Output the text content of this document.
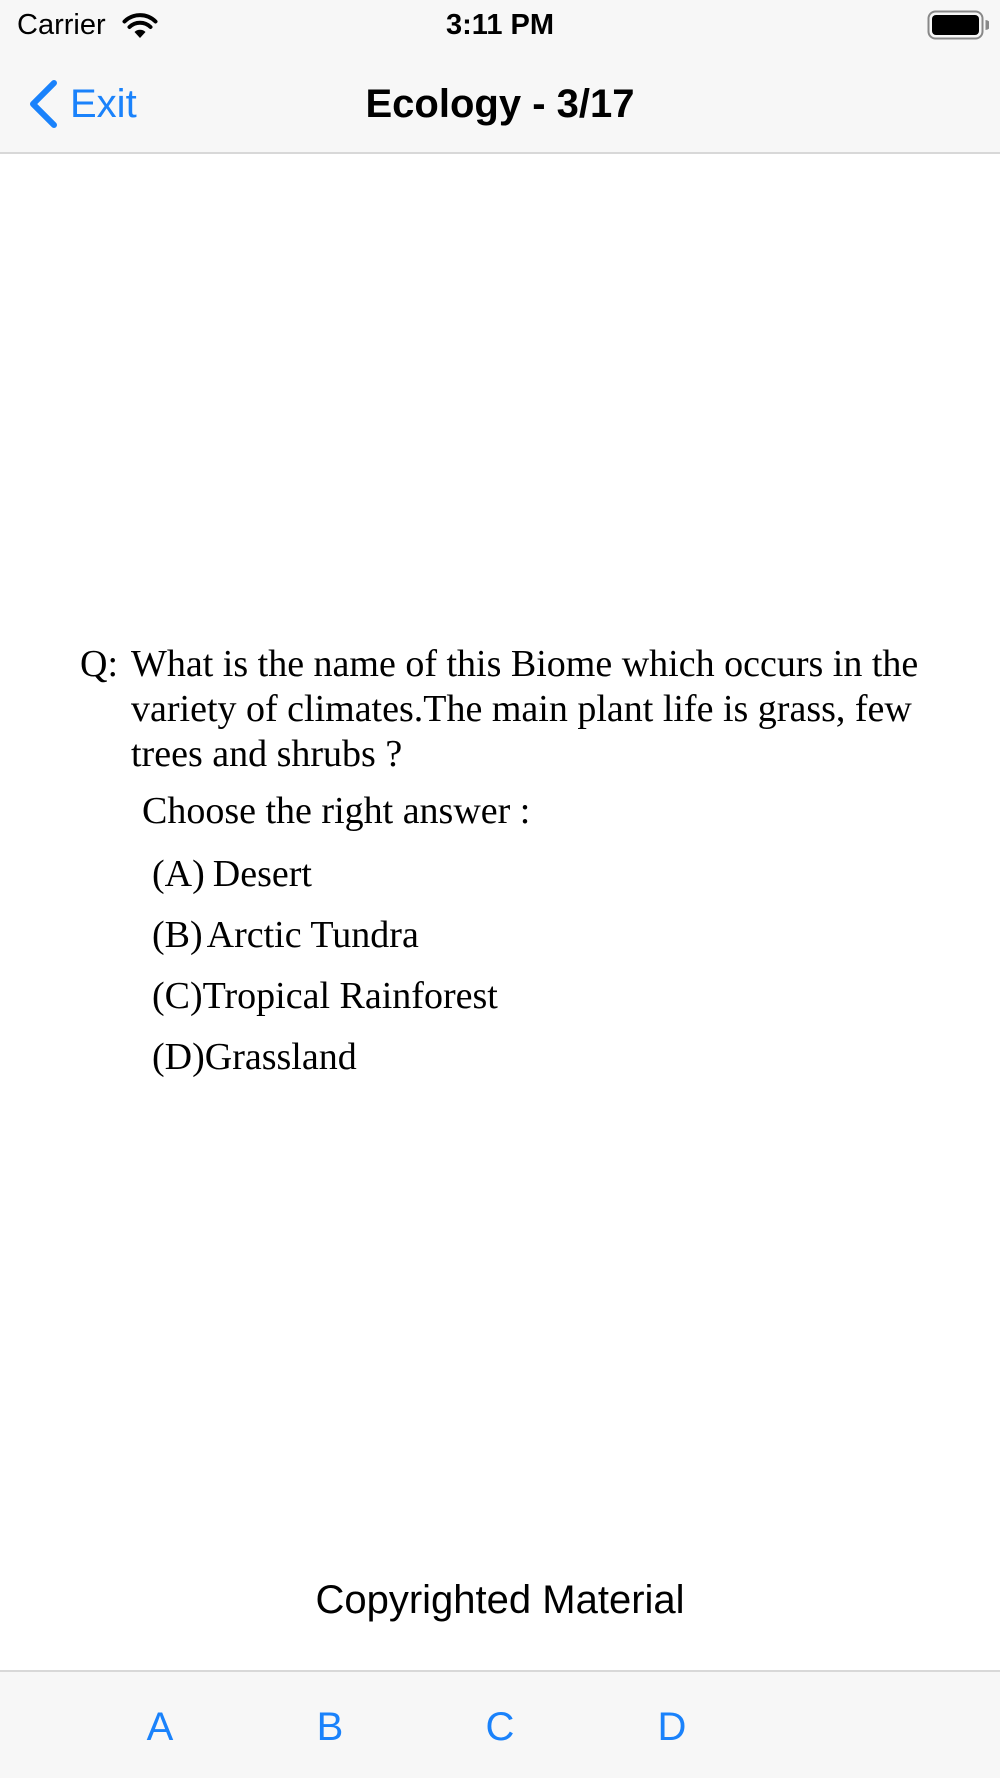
Carrier	3:11 PM
Exit	Ecology - 3/17
Q: What is the name of this Biome which occurs in the variety of climates.The main plant life is grass, few trees and shrubs ?
Choose the right answer :
(A) Desert
(B) Arctic Tundra
(C) Tropical Rainforest
(D) Grassland
Copyrighted Material
A	B	C	D
